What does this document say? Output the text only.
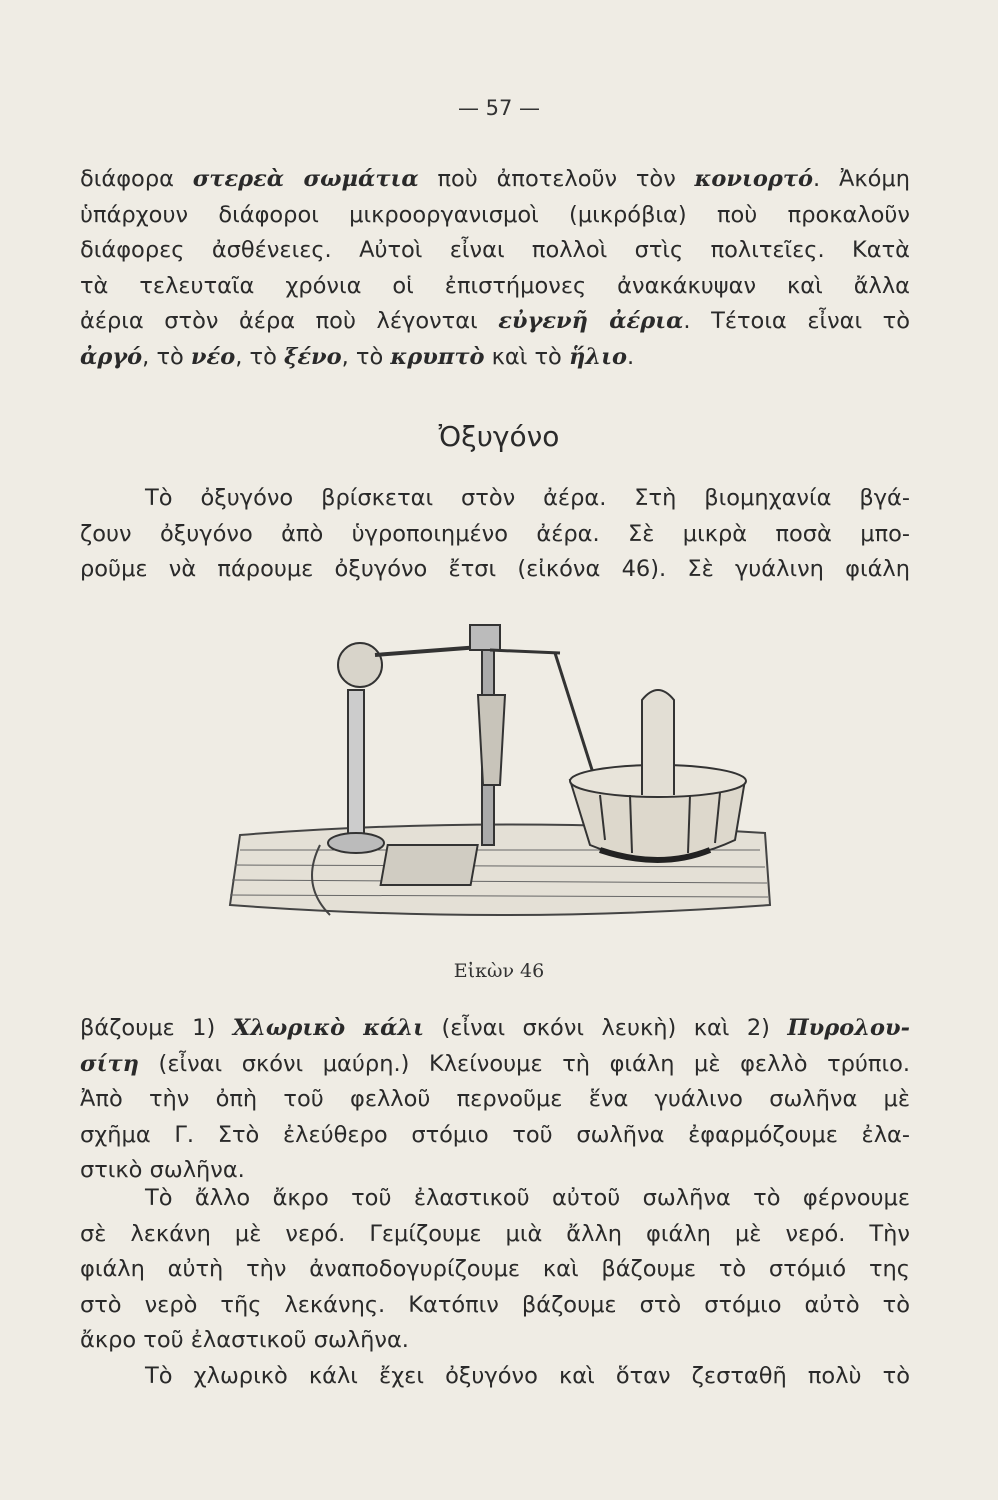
— 57 —
διάφορα στερεὰ σωμάτια ποὺ ἀποτελοῦν τὸν κονιορτό. Ἀκόμη
ὑπάρχουν διάφοροι μικροοργανισμοὶ (μικρόβια) ποὺ προκαλοῦν
διάφορες ἀσθένειες. Αὐτοὶ εἶναι πολλοὶ στὶς πολιτεῖες. Κατὰ
τὰ τελευταῖα χρόνια οἱ ἐπιστήμονες ἀνακάκυψαν καὶ ἄλλα
ἀέρια στὸν ἀέρα ποὺ λέγονται εὐγενῆ ἀέρια. Τέτοια εἶναι τὸ
ἀργό, τὸ νέο, τὸ ξένο, τὸ κρυπτὸ καὶ τὸ ἥλιο.
Ὀξυγόνο
Τὸ ὀξυγόνο βρίσκεται στὸν ἀέρα. Στὴ βιομηχανία βγά-
ζουν ὀξυγόνο ἀπὸ ὑγροποιημένο ἀέρα. Σὲ μικρὰ ποσὰ μπο-
ροῦμε νὰ πάρουμε ὀξυγόνο ἔτσι (εἰκόνα 46). Σὲ γυάλινη φιάλη
Εἰκὼν 46
βάζουμε 1) Χλωρικὸ κάλι (εἶναι σκόνι λευκὴ) καὶ 2) Πυρολου-
σίτη (εἶναι σκόνι μαύρη.) Κλείνουμε τὴ φιάλη μὲ φελλὸ τρύπιο.
Ἀπὸ τὴν ὀπὴ τοῦ φελλοῦ περνοῦμε ἕνα γυάλινο σωλῆνα μὲ
σχῆμα Γ. Στὸ ἐλεύθερο στόμιο τοῦ σωλῆνα ἐφαρμόζουμε ἐλα-
στικὸ σωλῆνα.
Τὸ ἄλλο ἄκρο τοῦ ἐλαστικοῦ αὐτοῦ σωλῆνα τὸ φέρνουμε
σὲ λεκάνη μὲ νερό. Γεμίζουμε μιὰ ἄλλη φιάλη μὲ νερό. Τὴν
φιάλη αὐτὴ τὴν ἀναποδογυρίζουμε καὶ βάζουμε τὸ στόμιό της
στὸ νερὸ τῆς λεκάνης. Κατόπιν βάζουμε στὸ στόμιο αὐτὸ τὸ
ἄκρο τοῦ ἐλαστικοῦ σωλῆνα.
Τὸ χλωρικὸ κάλι ἔχει ὀξυγόνο καὶ ὅταν ζεσταθῆ πολὺ τὸ
